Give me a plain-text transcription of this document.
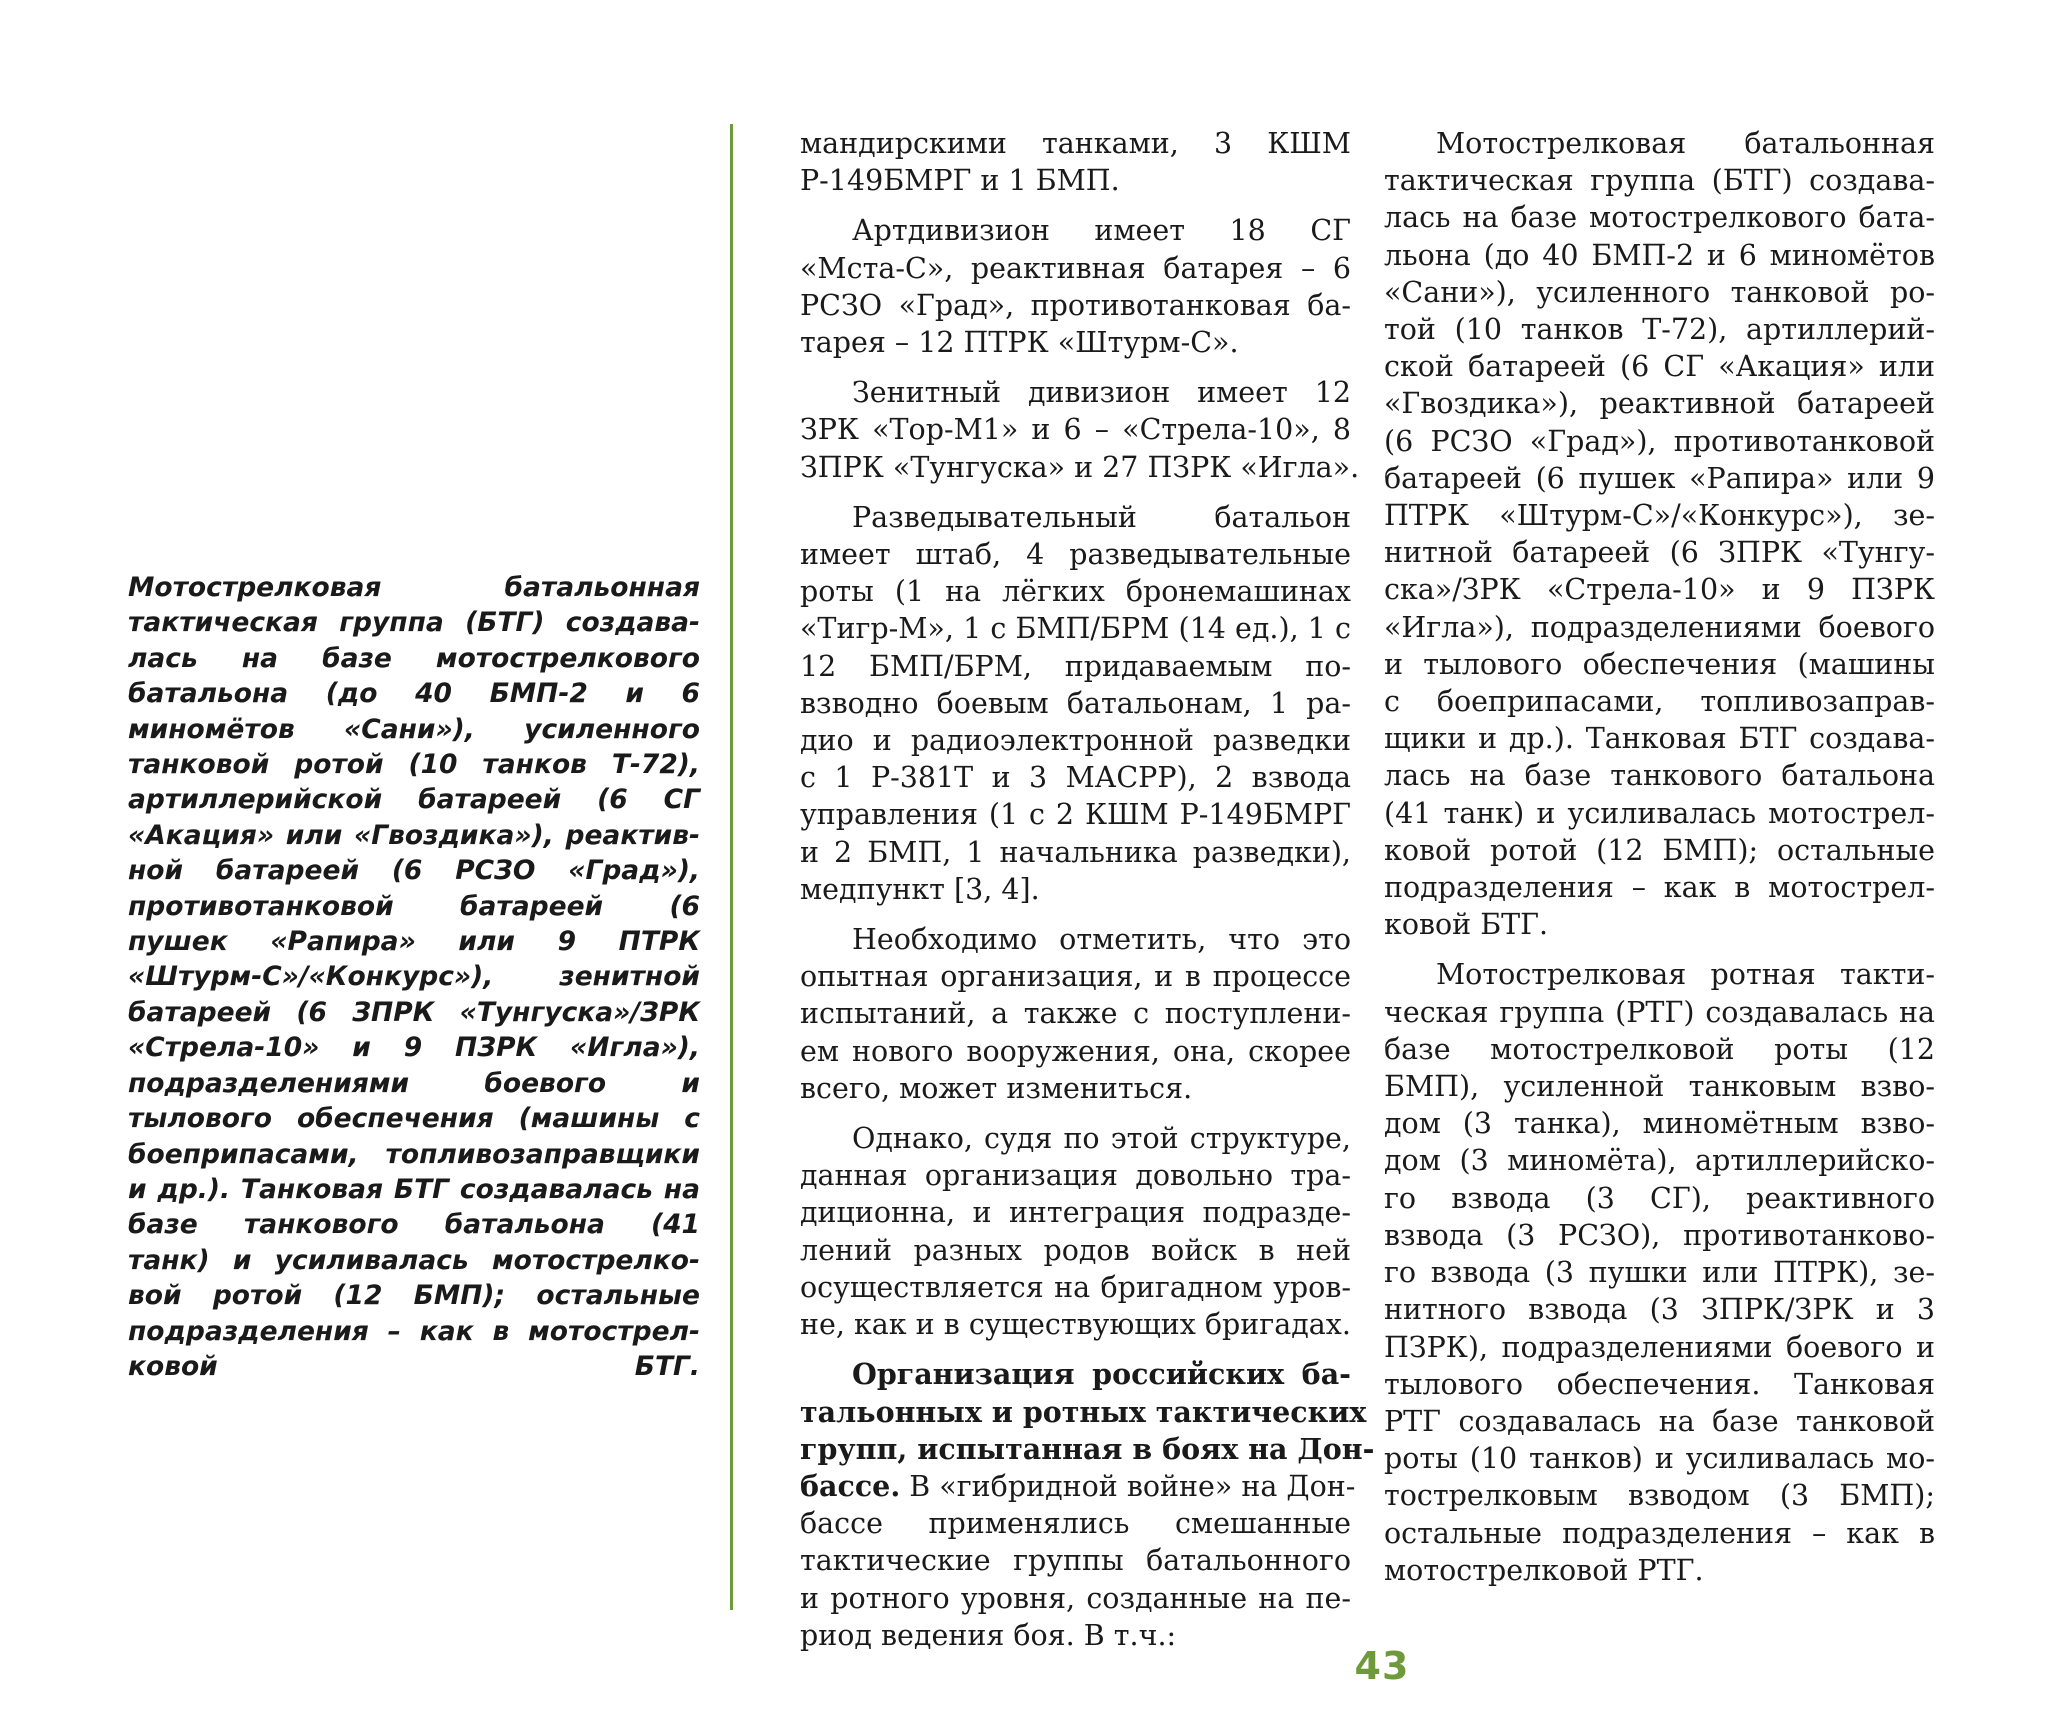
Мотострелковая батальонная
тактическая группа (БТГ) создава-
лась на базе мотострелкового
батальона (до 40 БМП-2 и 6
миномётов «Сани»), усиленного
танковой ротой (10 танков Т-72),
артиллерийской батареей (6 СГ
«Акация» или «Гвоздика»), реактив-
ной батареей (6 РСЗО «Град»),
противотанковой батареей (6
пушек «Рапира» или 9 ПТРК
«Штурм-С»/«Конкурс»), зенитной
батареей (6 ЗПРК «Тунгуска»/ЗРК
«Стрела-10» и 9 ПЗРК «Игла»),
подразделениями боевого и
тылового обеспечения (машины с
боеприпасами, топливозаправщики
и др.). Танковая БТГ создавалась на
базе танкового батальона (41
танк) и усиливалась мотострелко-
вой ротой (12 БМП); остальные
подразделения – как в мотострел-
ковой БТГ.

мандирскими танками, 3 КШМ
Р-149БМРГ и 1 БМП.

Артдивизион имеет 18 СГ
«Мста-С», реактивная батарея – 6
РСЗО «Град», противотанковая ба-
тарея – 12 ПТРК «Штурм-С».

Зенитный дивизион имеет 12
ЗРК «Тор-М1» и 6 – «Стрела-10», 8
ЗПРК «Тунгуска» и 27 ПЗРК «Игла».

Разведывательный батальон
имеет штаб, 4 разведывательные
роты (1 на лёгких бронемашинах
«Тигр-М», 1 с БМП/БРМ (14 ед.), 1 с
12 БМП/БРМ, придаваемым по-
взводно боевым батальонам, 1 ра-
дио и радиоэлектронной разведки
с 1 Р-381Т и 3 МАСРР), 2 взвода
управления (1 с 2 КШМ Р-149БМРГ
и 2 БМП, 1 начальника разведки),
медпункт [3, 4].

Необходимо отметить, что это
опытная организация, и в процессе
испытаний, а также с поступлени-
ем нового вооружения, она, скорее
всего, может измениться.

Однако, судя по этой структуре,
данная организация довольно тра-
диционна, и интеграция подразде-
лений разных родов войск в ней
осуществляется на бригадном уров-
не, как и в существующих бригадах.

Организация российских ба-
тальонных и ротных тактических
групп, испытанная в боях на Дон-
бассе. В «гибридной войне» на Дон-
бассе применялись смешанные
тактические группы батальонного
и ротного уровня, созданные на пе-
риод ведения боя. В т.ч.:

Мотострелковая батальонная
тактическая группа (БТГ) создава-
лась на базе мотострелкового бата-
льона (до 40 БМП-2 и 6 миномётов
«Сани»), усиленного танковой ро-
той (10 танков Т-72), артиллерий-
ской батареей (6 СГ «Акация» или
«Гвоздика»), реактивной батареей
(6 РСЗО «Град»), противотанковой
батареей (6 пушек «Рапира» или 9
ПТРК «Штурм-С»/«Конкурс»), зе-
нитной батареей (6 ЗПРК «Тунгу-
ска»/ЗРК «Стрела-10» и 9 ПЗРК
«Игла»), подразделениями боевого
и тылового обеспечения (машины
с боеприпасами, топливозаправ-
щики и др.). Танковая БТГ создава-
лась на базе танкового батальона
(41 танк) и усиливалась мотострел-
ковой ротой (12 БМП); остальные
подразделения – как в мотострел-
ковой БТГ.

Мотострелковая ротная такти-
ческая группа (РТГ) создавалась на
базе мотострелковой роты (12
БМП), усиленной танковым взво-
дом (3 танка), миномётным взво-
дом (3 миномёта), артиллерийско-
го взвода (3 СГ), реактивного
взвода (3 РСЗО), противотанково-
го взвода (3 пушки или ПТРК), зе-
нитного взвода (3 ЗПРК/ЗРК и 3
ПЗРК), подразделениями боевого и
тылового обеспечения. Танковая
РТГ создавалась на базе танковой
роты (10 танков) и усиливалась мо-
тострелковым взводом (3 БМП);
остальные подразделения – как в
мотострелковой РТГ.

43
